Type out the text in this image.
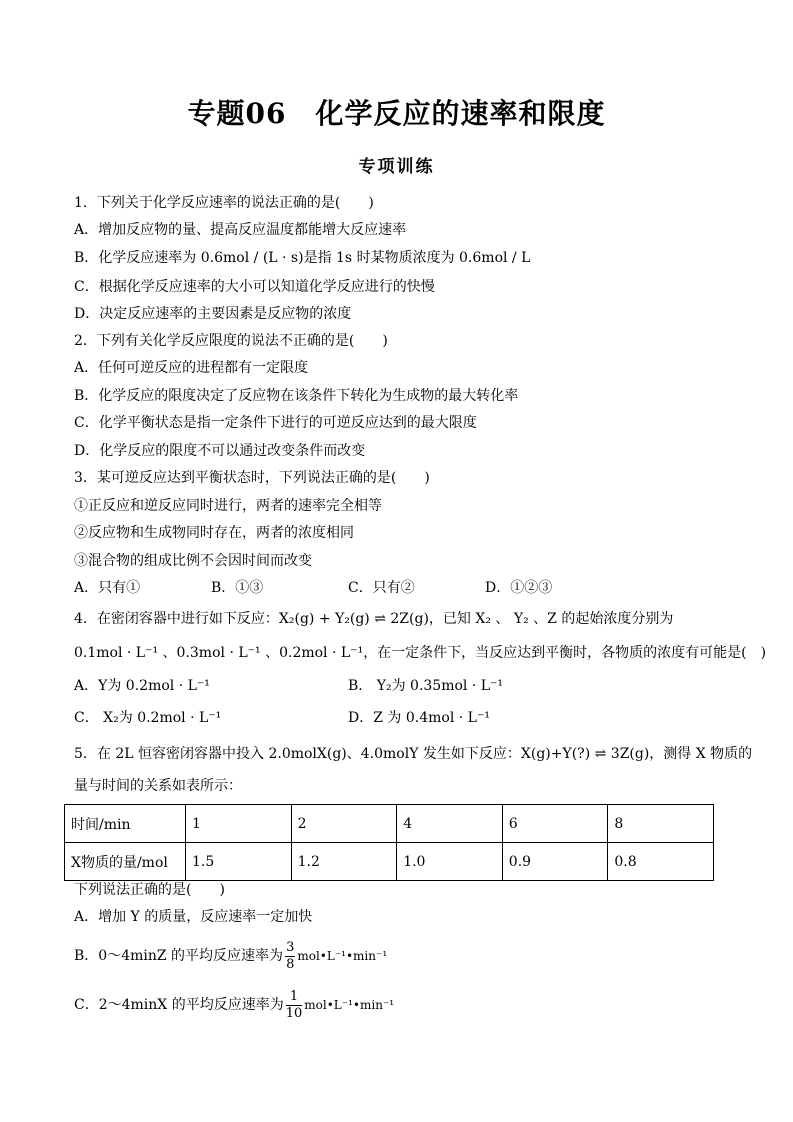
专题06　化学反应的速率和限度
专项训练
1．下列关于化学反应速率的说法正确的是(　　)
A．增加反应物的量、提高反应温度都能增大反应速率
B．化学反应速率为 0.6mol / (L · s)是指 1s 时某物质浓度为 0.6mol / L
C．根据化学反应速率的大小可以知道化学反应进行的快慢
D．决定反应速率的主要因素是反应物的浓度
2．下列有关化学反应限度的说法不正确的是(　　)
A．任何可逆反应的进程都有一定限度
B．化学反应的限度决定了反应物在该条件下转化为生成物的最大转化率
C．化学平衡状态是指一定条件下进行的可逆反应达到的最大限度
D．化学反应的限度不可以通过改变条件而改变
3．某可逆反应达到平衡状态时，下列说法正确的是(　　)
①正反应和逆反应同时进行，两者的速率完全相等
②反应物和生成物同时存在，两者的浓度相同
③混合物的组成比例不会因时间而改变
A．只有①	B．①③	C．只有②	D．①②③
4．在密闭容器中进行如下反应：X₂(g) + Y₂(g) ⇌ 2Z(g)，已知 X₂ 、 Y₂ 、Z 的起始浓度分别为
0.1mol · L⁻¹ 、0.3mol · L⁻¹ 、0.2mol · L⁻¹，在一定条件下，当反应达到平衡时，各物质的浓度有可能是(　)
A．Y为 0.2mol · L⁻¹	B． Y₂为 0.35mol · L⁻¹
C． X₂为 0.2mol · L⁻¹	D．Z 为 0.4mol · L⁻¹
5．在 2L 恒容密闭容器中投入 2.0molX(g)、4.0molY 发生如下反应：X(g)+Y(?) ⇌ 3Z(g)，测得 X 物质的
量与时间的关系如表所示：
时间/min	1	2	4	6	8
X物质的量/mol	1.5	1.2	1.0	0.9	0.8
下列说法正确的是(　　)
A．增加 Y 的质量，反应速率一定加快
B．0～4minZ 的平均反应速率为 $\frac{3}{8}$ mol•L⁻¹•min⁻¹
C．2～4minX 的平均反应速率为 $\frac{1}{10}$ mol•L⁻¹•min⁻¹
